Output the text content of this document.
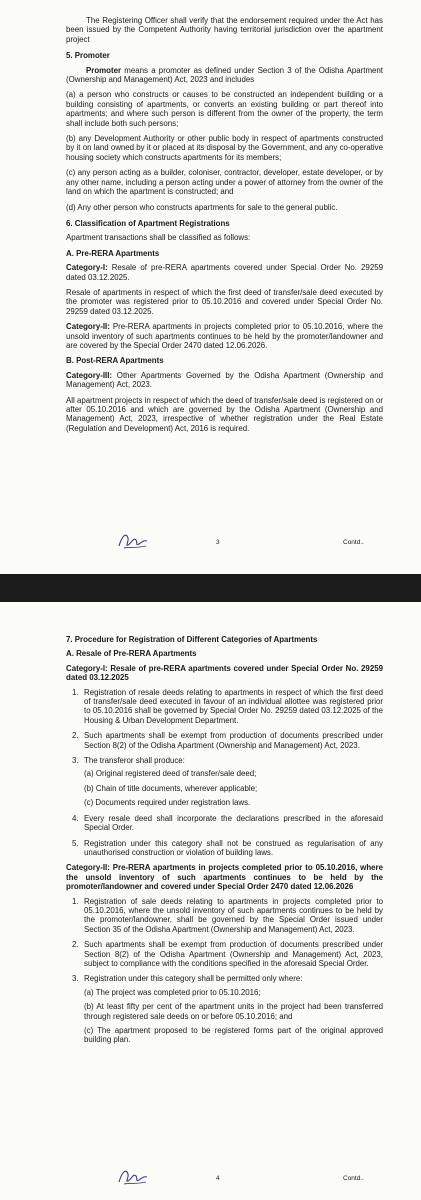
The Registering Officer shall verify that the endorsement required under the Act has been issued by the Competent Authority having territorial jurisdiction over the apartment project

5. Promoter

Promoter means a promoter as defined under Section 3 of the Odisha Apartment (Ownership and Management) Act, 2023 and includes

(a) a person who constructs or causes to be constructed an independent building or a building consisting of apartments, or converts an existing building or part thereof into apartments; and where such person is different from the owner of the property, the term shall include both such persons;

(b) any Development Authority or other public body in respect of apartments constructed by it on land owned by it or placed at its disposal by the Government, and any co-operative housing society which constructs apartments for its members;

(c) any person acting as a builder, coloniser, contractor, developer, estate developer, or by any other name, including a person acting under a power of attorney from the owner of the land on which the apartment is constructed; and

(d) Any other person who constructs apartments for sale to the general public.

6. Classification of Apartment Registrations

Apartment transactions shall be classified as follows:

A. Pre-RERA Apartments

Category-I: Resale of pre-RERA apartments covered under Special Order No. 29259 dated 03.12.2025.

Resale of apartments in respect of which the first deed of transfer/sale deed executed by the promoter was registered prior to 05.10.2016 and covered under Special Order No. 29259 dated 03.12.2025.

Category-II: Pre-RERA apartments in projects completed prior to 05.10.2016, where the unsold inventory of such apartments continues to be held by the promoter/landowner and are covered by the Special Order 2470 dated 12.06.2026.

B. Post-RERA Apartments

Category-III: Other Apartments Governed by the Odisha Apartment (Ownership and Management) Act, 2023.

All apartment projects in respect of which the deed of transfer/sale deed is registered on or after 05.10.2016 and which are governed by the Odisha Apartment (Ownership and Management) Act, 2023, irrespective of whether registration under the Real Estate (Regulation and Development) Act, 2016 is required.

3	Contd..
7. Procedure for Registration of Different Categories of Apartments
A. Resale of Pre-RERA Apartments

Category-I: Resale of pre-RERA apartments covered under Special Order No. 29259 dated 03.12.2025

1. Registration of resale deeds relating to apartments in respect of which the first deed of transfer/sale deed executed in favour of an individual allottee was registered prior to 05.10.2016 shall be governed by Special Order No. 29259 dated 03.12.2025 of the Housing & Urban Development Department.
2. Such apartments shall be exempt from production of documents prescribed under Section 8(2) of the Odisha Apartment (Ownership and Management) Act, 2023.
3. The transferor shall produce:

(a) Original registered deed of transfer/sale deed;

(b) Chain of title documents, wherever applicable;

(c) Documents required under registration laws.

4. Every resale deed shall incorporate the declarations prescribed in the aforesaid Special Order.
5. Registration under this category shall not be construed as regularisation of any unauthorised construction or violation of building laws.

Category-II: Pre-RERA apartments in projects completed prior to 05.10.2016, where the unsold inventory of such apartments continues to be held by the promoter/landowner and covered under Special Order 2470 dated 12.06.2026

1. Registration of sale deeds relating to apartments in projects completed prior to 05.10.2016, where the unsold inventory of such apartments continues to be held by the promoter/landowner, shall be governed by the Special Order issued under Section 35 of the Odisha Apartment (Ownership and Management) Act, 2023.
2. Such apartments shall be exempt from production of documents prescribed under Section 8(2) of the Odisha Apartment (Ownership and Management) Act, 2023, subject to compliance with the conditions specified in the aforesaid Special Order.
3. Registration under this category shall be permitted only where:

(a) The project was completed prior to 05.10.2016;

(b) At least fifty per cent of the apartment units in the project had been transferred through registered sale deeds on or before 05.10.2016; and

(c) The apartment proposed to be registered forms part of the original approved building plan.

4	Contd..
